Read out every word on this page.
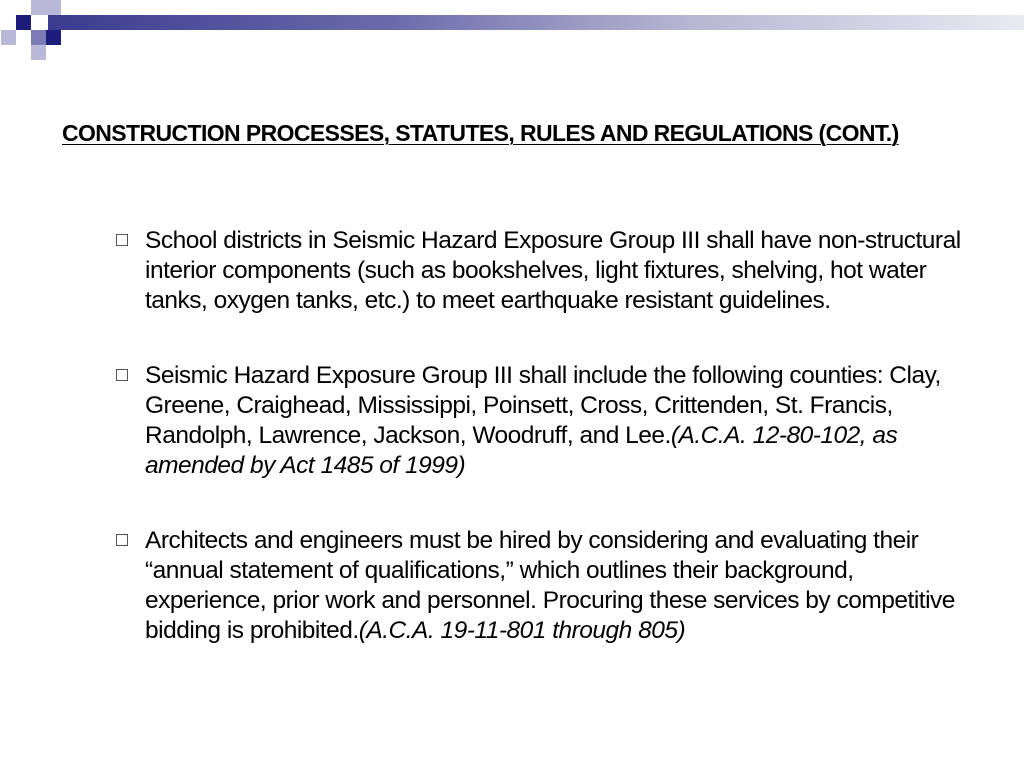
CONSTRUCTION PROCESSES, STATUTES, RULES AND REGULATIONS (CONT.)
School districts in Seismic Hazard Exposure Group III shall have non-structural interior components (such as bookshelves, light fixtures, shelving, hot water tanks, oxygen tanks, etc.) to meet earthquake resistant guidelines.
Seismic Hazard Exposure Group III shall include the following counties: Clay, Greene, Craighead, Mississippi, Poinsett, Cross, Crittenden, St. Francis, Randolph, Lawrence, Jackson, Woodruff, and Lee.(A.C.A. 12-80-102, as amended by Act 1485 of 1999)
Architects and engineers must be hired by considering and evaluating their “annual statement of qualifications,” which outlines their background, experience, prior work and personnel. Procuring these services by competitive bidding is prohibited.(A.C.A. 19-11-801 through 805)
